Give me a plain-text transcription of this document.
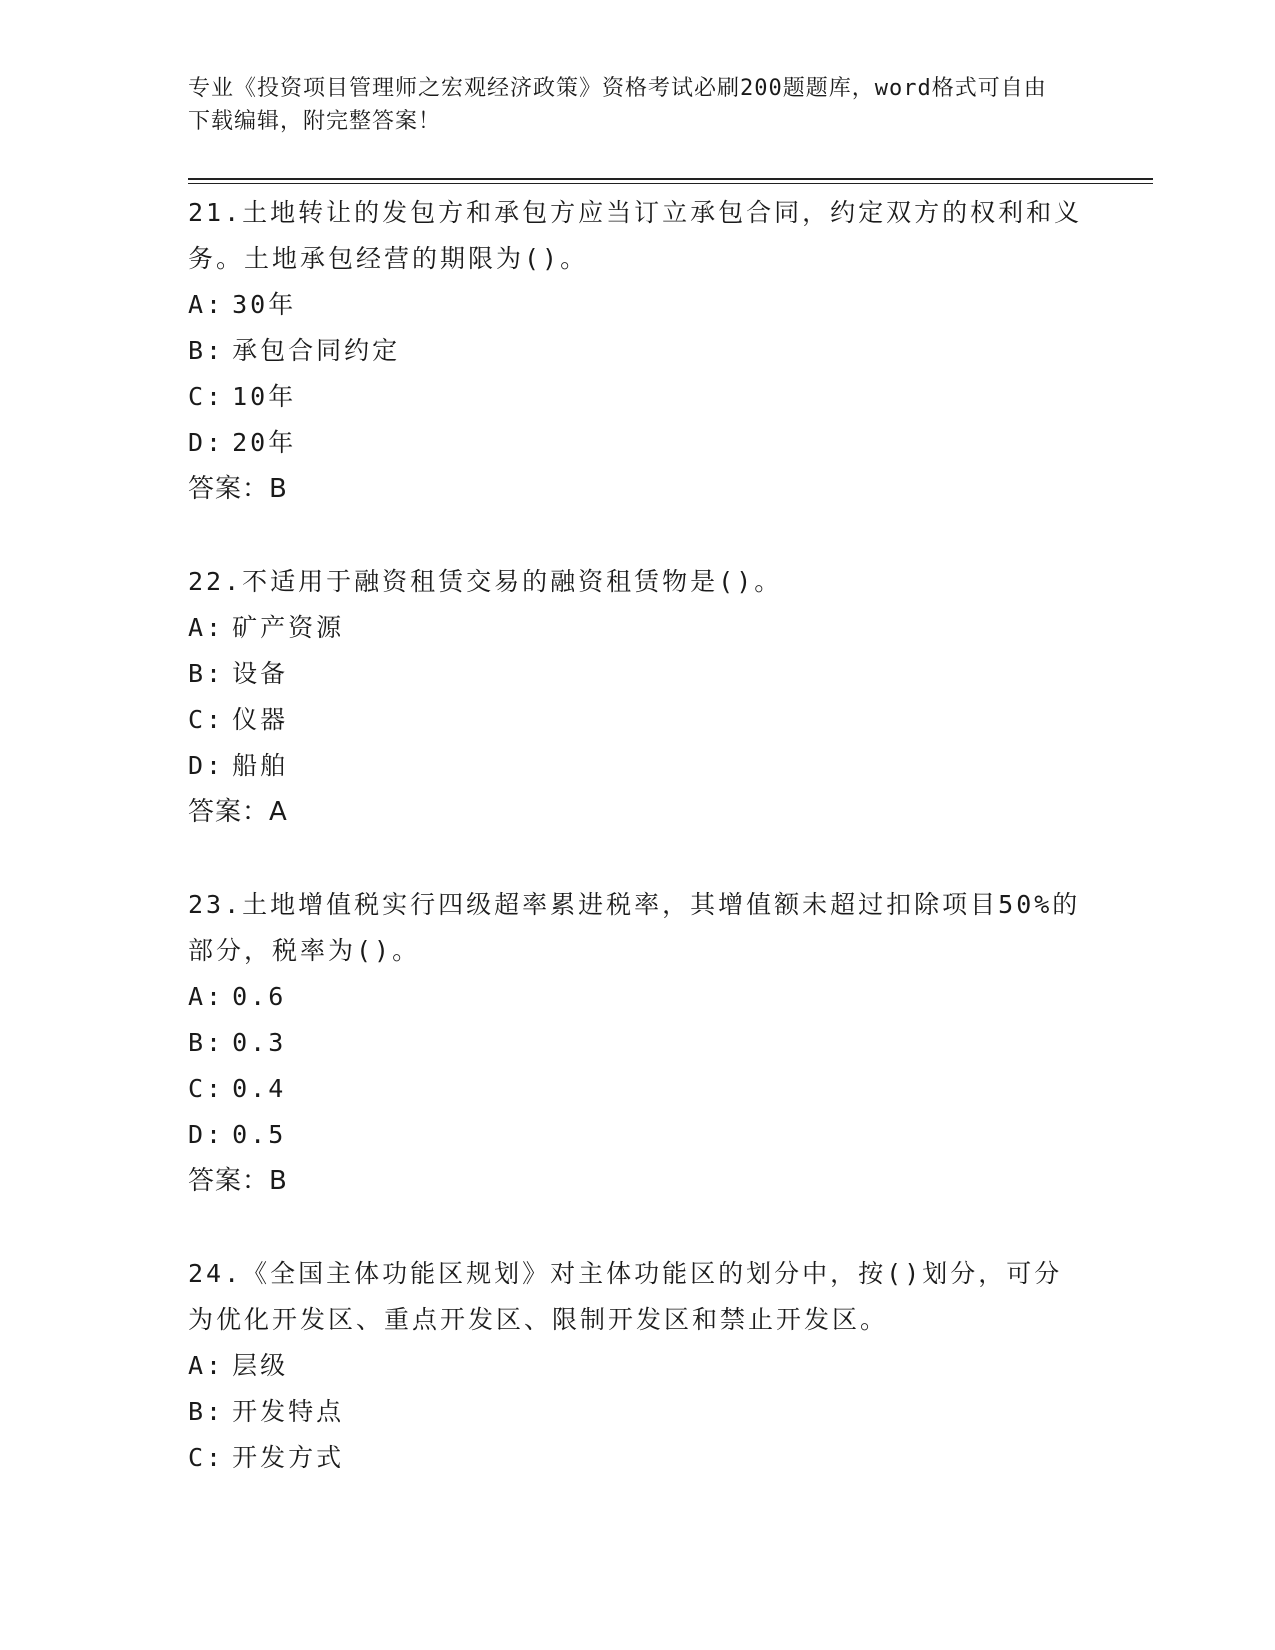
专业《投资项目管理师之宏观经济政策》资格考试必刷200题题库，word格式可自由下载编辑，附完整答案！

21.土地转让的发包方和承包方应当订立承包合同，约定双方的权利和义务。土地承包经营的期限为()。

A: 30年

B: 承包合同约定

C: 10年

D: 20年

答案：B

22.不适用于融资租赁交易的融资租赁物是()。

A: 矿产资源

B: 设备

C: 仪器

D: 船舶

答案：A

23.土地增值税实行四级超率累进税率，其增值额未超过扣除项目50%的部分，税率为()。

A: 0.6

B: 0.3

C: 0.4

D: 0.5

答案：B

24.《全国主体功能区规划》对主体功能区的划分中，按()划分，可分为优化开发区、重点开发区、限制开发区和禁止开发区。

A: 层级

B: 开发特点

C: 开发方式
